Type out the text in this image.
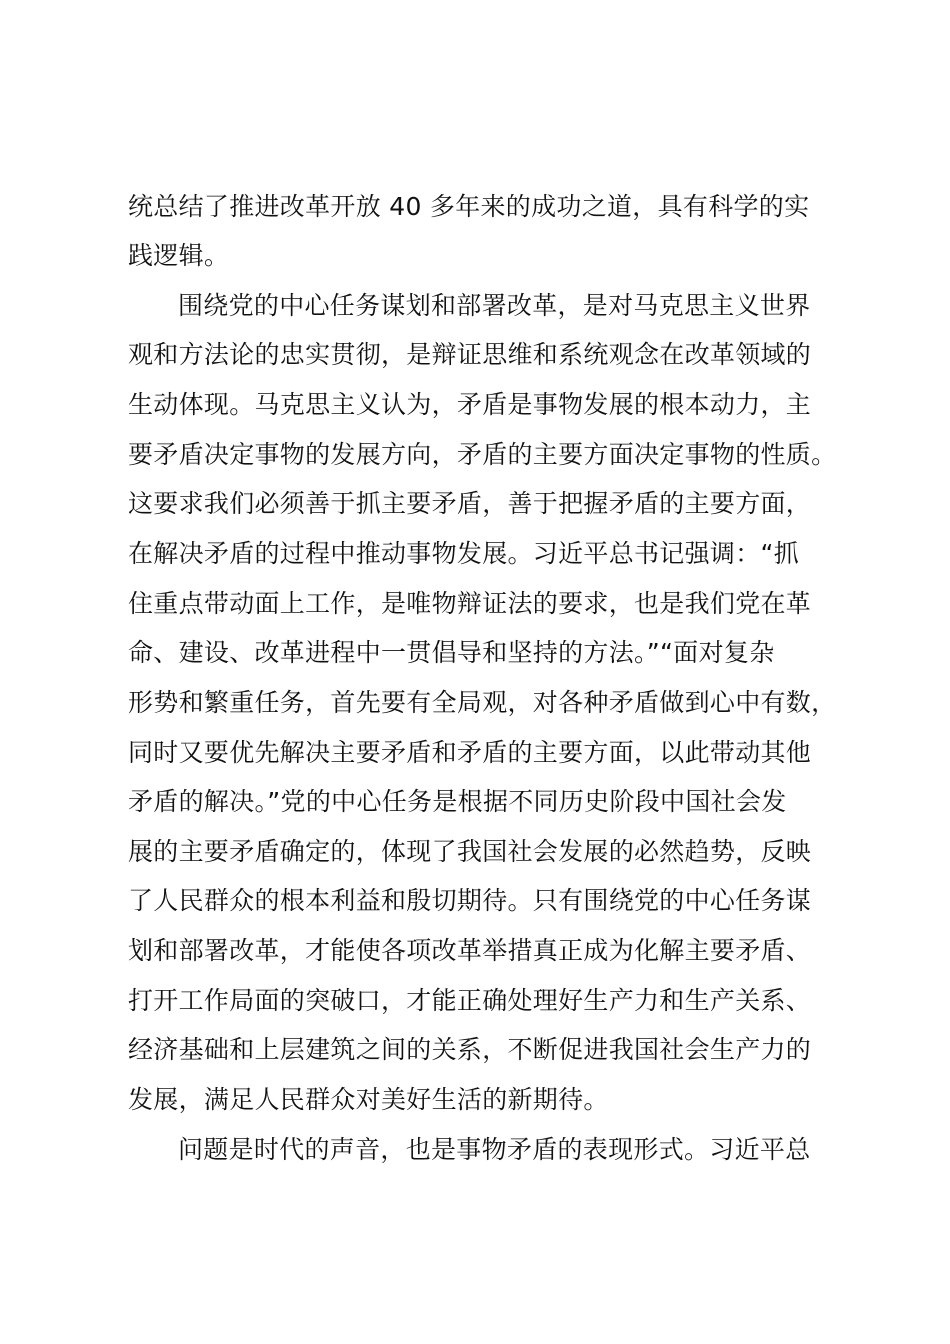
统总结了推进改革开放 40 多年来的成功之道，具有科学的实
践逻辑。
围绕党的中心任务谋划和部署改革，是对马克思主义世界
观和方法论的忠实贯彻，是辩证思维和系统观念在改革领域的
生动体现。马克思主义认为，矛盾是事物发展的根本动力，主
要矛盾决定事物的发展方向，矛盾的主要方面决定事物的性质。
这要求我们必须善于抓主要矛盾，善于把握矛盾的主要方面，
在解决矛盾的过程中推动事物发展。习近平总书记强调：“抓
住重点带动面上工作，是唯物辩证法的要求，也是我们党在革
命、建设、改革进程中一贯倡导和坚持的方法。”“面对复杂
形势和繁重任务，首先要有全局观，对各种矛盾做到心中有数，
同时又要优先解决主要矛盾和矛盾的主要方面，以此带动其他
矛盾的解决。”党的中心任务是根据不同历史阶段中国社会发
展的主要矛盾确定的，体现了我国社会发展的必然趋势，反映
了人民群众的根本利益和殷切期待。只有围绕党的中心任务谋
划和部署改革，才能使各项改革举措真正成为化解主要矛盾、
打开工作局面的突破口，才能正确处理好生产力和生产关系、
经济基础和上层建筑之间的关系，不断促进我国社会生产力的
发展，满足人民群众对美好生活的新期待。
问题是时代的声音，也是事物矛盾的表现形式。习近平总
